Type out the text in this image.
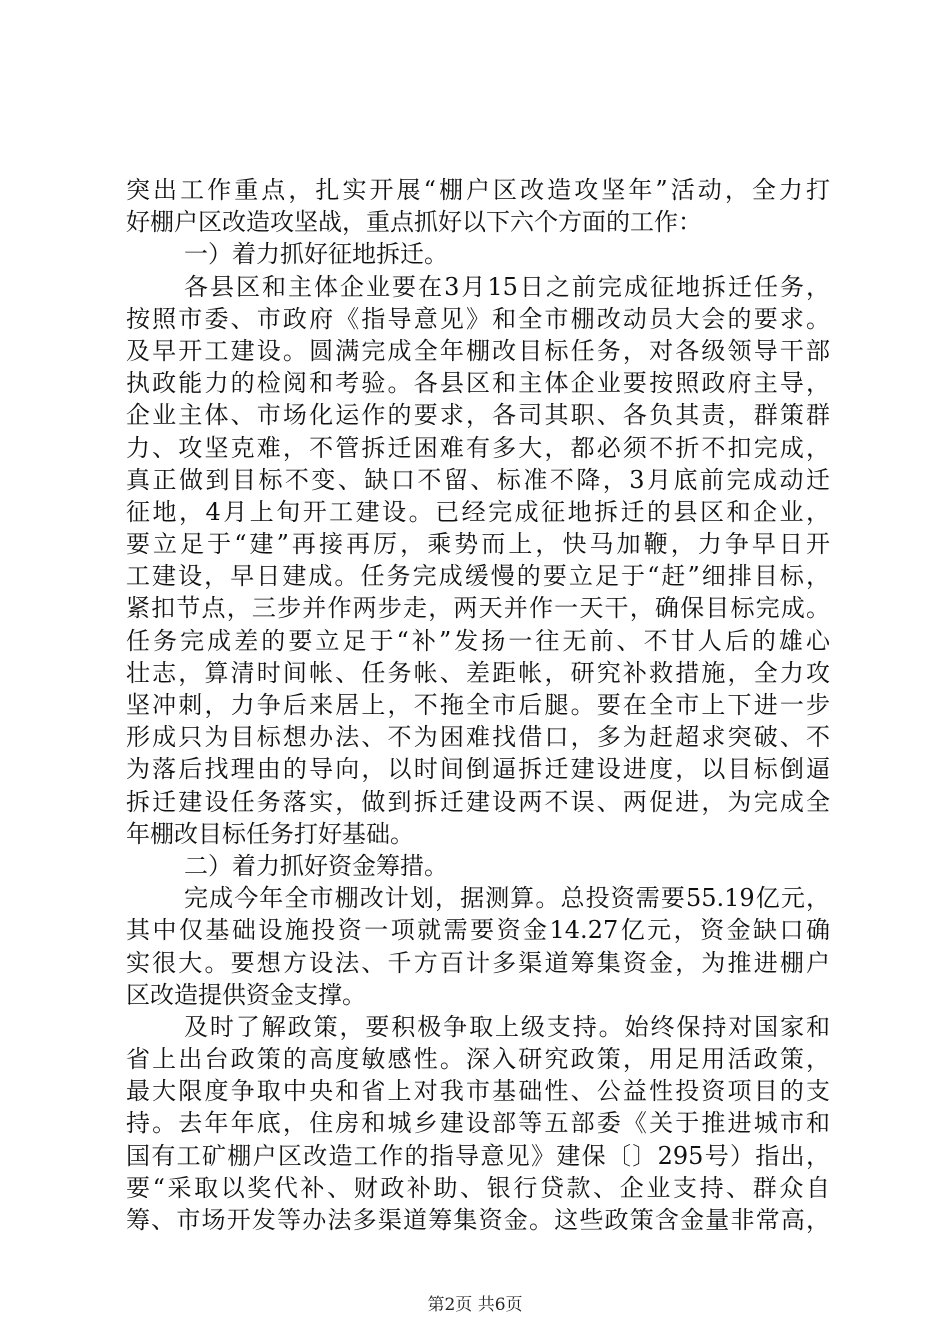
突出工作重点，扎实开展“棚户区改造攻坚年”活动，全力打
好棚户区改造攻坚战，重点抓好以下六个方面的工作：
一）着力抓好征地拆迁。
各县区和主体企业要在3月15日之前完成征地拆迁任务，
按照市委、市政府《指导意见》和全市棚改动员大会的要求。
及早开工建设。圆满完成全年棚改目标任务，对各级领导干部
执政能力的检阅和考验。各县区和主体企业要按照政府主导，
企业主体、市场化运作的要求，各司其职、各负其责，群策群
力、攻坚克难，不管拆迁困难有多大，都必须不折不扣完成，
真正做到目标不变、缺口不留、标准不降，3月底前完成动迁
征地，4月上旬开工建设。已经完成征地拆迁的县区和企业，
要立足于“建”再接再厉，乘势而上，快马加鞭，力争早日开
工建设，早日建成。任务完成缓慢的要立足于“赶”细排目标，
紧扣节点，三步并作两步走，两天并作一天干，确保目标完成。
任务完成差的要立足于“补”发扬一往无前、不甘人后的雄心
壮志，算清时间帐、任务帐、差距帐，研究补救措施，全力攻
坚冲刺，力争后来居上，不拖全市后腿。要在全市上下进一步
形成只为目标想办法、不为困难找借口，多为赶超求突破、不
为落后找理由的导向，以时间倒逼拆迁建设进度，以目标倒逼
拆迁建设任务落实，做到拆迁建设两不误、两促进，为完成全
年棚改目标任务打好基础。
二）着力抓好资金筹措。
完成今年全市棚改计划，据测算。总投资需要55.19亿元，
其中仅基础设施投资一项就需要资金14.27亿元，资金缺口确
实很大。要想方设法、千方百计多渠道筹集资金，为推进棚户
区改造提供资金支撑。
及时了解政策，要积极争取上级支持。始终保持对国家和
省上出台政策的高度敏感性。深入研究政策，用足用活政策，
最大限度争取中央和省上对我市基础性、公益性投资项目的支
持。去年年底，住房和城乡建设部等五部委《关于推进城市和
国有工矿棚户区改造工作的指导意见》建保〔〕295号）指出，
要“采取以奖代补、财政补助、银行贷款、企业支持、群众自
筹、市场开发等办法多渠道筹集资金。这些政策含金量非常高，
第2页 共6页
